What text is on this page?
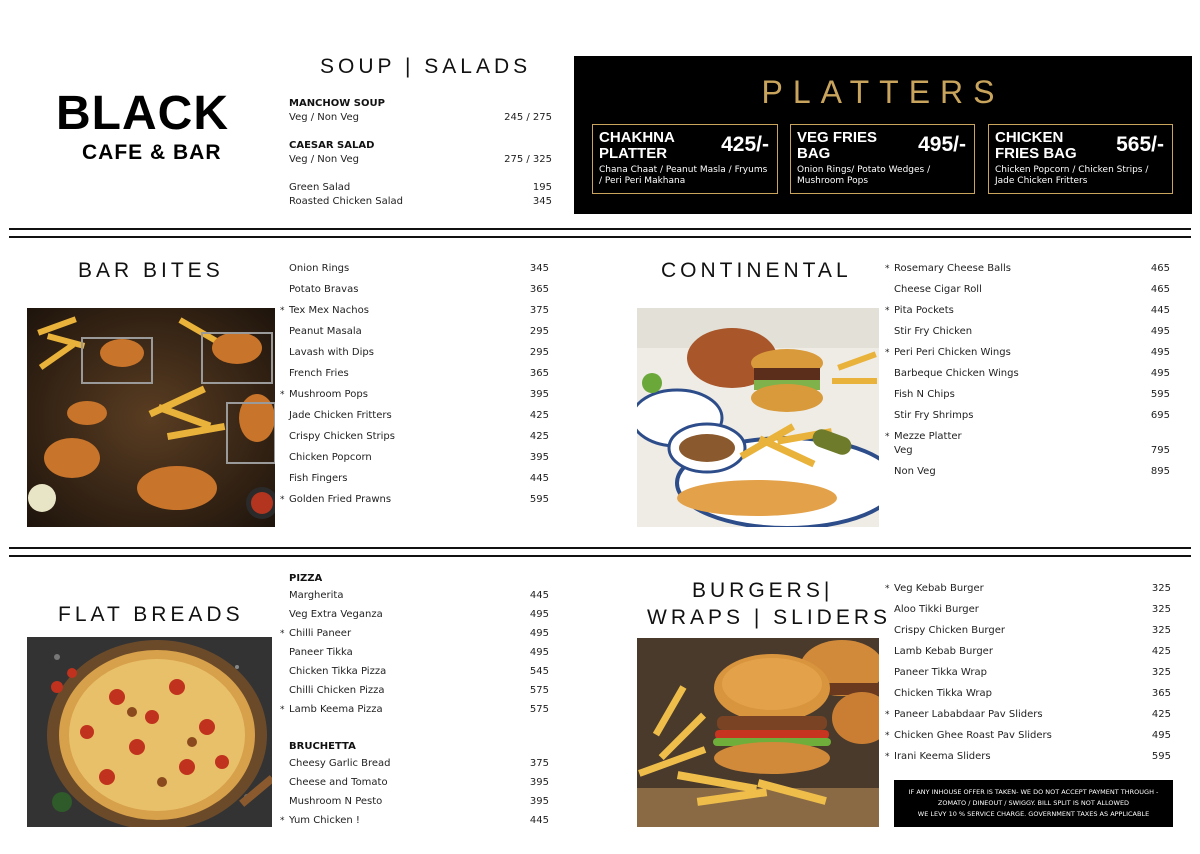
BLACK
CAFE & BAR
SOUP | SALADS
MANCHOW SOUP
Veg / Non Veg	245 / 275
CAESAR SALAD
Veg / Non Veg	275 / 325
Green Salad	195
Roasted Chicken Salad	345
PLATTERS
CHAKHNA
PLATTER	425/-
Chana Chaat / Peanut Masla / Fryums
/ Peri Peri Makhana
VEG FRIES
BAG	495/-
Onion Rings/ Potato Wedges /
Mushroom Pops
CHICKEN
FRIES BAG 565/-
Chicken Popcorn / Chicken Strips /
Jade Chicken Fritters
BAR BITES	Onion Rings	345
Potato Bravas	365
* Tex Mex Nachos	375
Peanut Masala	295
Lavash with Dips	295
French Fries	365
* Mushroom Pops	395
Jade Chicken Fritters	425
Crispy Chicken Strips	425
Chicken Popcorn	395
Fish Fingers	445
* Golden Fried Prawns	595
CONTINENTAL	* Rosemary Cheese Balls	465
Cheese Cigar Roll	465
* Pita Pockets	445
Stir Fry Chicken	495
* Peri Peri Chicken Wings	495
Barbeque Chicken Wings	495
Fish N Chips	595
Stir Fry Shrimps	695
* Mezze Platter
Veg	795
Non Veg	895
FLAT BREADS
PIZZA
Margherita	445
Veg Extra Veganza	495
* Chilli Paneer	495
Paneer Tikka	495
Chicken Tikka Pizza	545
Chilli Chicken Pizza	575
* Lamb Keema Pizza	575
BRUCHETTA
Cheesy Garlic Bread	375
Cheese and Tomato	395
Mushroom N Pesto	395
* Yum Chicken !	445
BURGERS|
WRAPS | SLIDERS
* Veg Kebab Burger	325
Aloo Tikki Burger	325
Crispy Chicken Burger	325
Lamb Kebab Burger	425
Paneer Tikka Wrap	325
Chicken Tikka Wrap	365
* Paneer Lababdaar Pav Sliders	425
* Chicken Ghee Roast Pav Sliders	495
* Irani Keema Sliders	595
IF ANY INHOUSE OFFER IS TAKEN- WE DO NOT ACCEPT PAYMENT THROUGH -
ZOMATO / DINEOUT / SWIGGY. BILL SPLIT IS NOT ALLOWED
WE LEVY 10 % SERVICE CHARGE. GOVERNMENT TAXES AS APPLICABLE
